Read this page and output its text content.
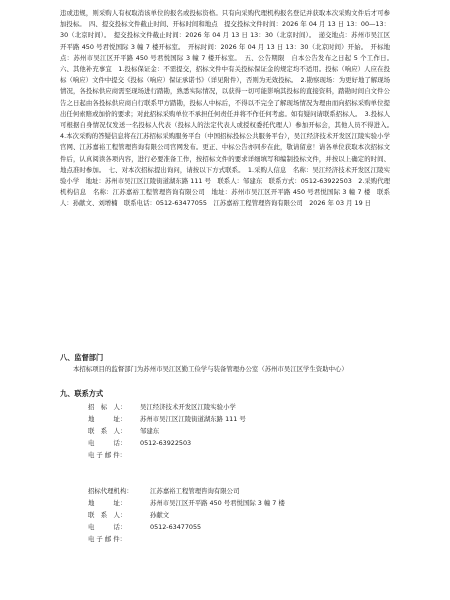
违或违规，则采购人有权取消该单位的报名或投标资格。只有向采购代理机构报名登记并获取本次采购文件后才可参加投标。　四、提交投标文件截止时间、开标时间和地点　提交投标文件时间：2026 年 04 月 13 日 13：00—13：30（北京时间）。　提交投标文件截止时间：2026 年 04 月 13 日 13：30（北京时间）。　递交地点：苏州市吴江区开平路 450 号君悦国际 3 幢 7 楼开标室。　开标时间：2026 年 04 月 13 日 13：30（北京时间）开始。　开标地点：苏州市吴江区开平路 450 号君悦国际 3 幢 7 楼开标室。　五、公告期限　自本公告发布之日起 5 个工作日。　六、其他补充事宜　1.投标保证金：不需提交，招标文件中有关投标保证金的规定均不适用。投标（响应）人应在投标（响应）文件中提交《投标（响应）保证承诺书》（详见附件），否则为无效投标。　2.勘察现场：为更好地了解现场情况，各投标供应商需至现场进行踏勘，熟悉实际情况，以获得一切可能影响其投标的直接资料，踏勘时间自文件公告之日起由各投标供应商自行联系甲方踏勘，投标人中标后，不得以不完全了解现场情况为理由而向招标采购单位提出任何索赔或加价的要求；对此招标采购单位不承担任何责任并将不作任何考虑。如有疑问请联系招标人。　3.投标人可根据自身情况仅发送一名投标人代表（投标人的法定代表人或授权委托代理人）参加开标会，其他人员不得进入。　4.本次采购的答疑信息将在江苏招标采购服务平台（中国招标投标公共服务平台），吴江经济技术开发区江陵实验小学官网、江苏嘉裕工程管理咨询有限公司官网发布。更正、中标公告亦同步在此，敬请留意！请各单位获取本次招标文件后，认真阅读各项内容，进行必要准备工作，按招标文件的要求详细填写和编制投标文件，并按以上确定的时间、地点准时参加。　七、对本次招标提出询问，请按以下方式联系。　1.采购人信息　名称：吴江经济技术开发区江陵实验小学　地址：苏州市吴江区江陵街道湖东路 111 号　联系人：邹建东　联系方式：0512-63922503　2.采购代理机构信息　名称：江苏嘉裕工程管理咨询有限公司　地址：苏州市吴江区开平路 450 号君悦国际 3 幢 7 楼　联系人：孙献文、刘增楠　联系电话：0512-63477055　江苏嘉裕工程管理咨询有限公司　2026 年 03 月 19 日

八、监督部门

本招标项目的监督部门为苏州市吴江区勤工俭学与装备管理办公室（苏州市吴江区学生资助中心）

九、联系方式
招　标　人： 吴江经济技术开发区江陵实验小学
地　　　址： 苏州市吴江区江陵街道湖东路 111 号
联　系　人： 邹建东
电　　　话： 0512-63922503
电 子 邮 件：
招标代理机构：	江苏嘉裕工程管理咨询有限公司
地　　　址：	苏州市吴江区开平路 450 号君悦国际 3 幢 7 楼
联　系　人：	孙献文
电　　　话：	0512-63477055
电 子 邮 件：
